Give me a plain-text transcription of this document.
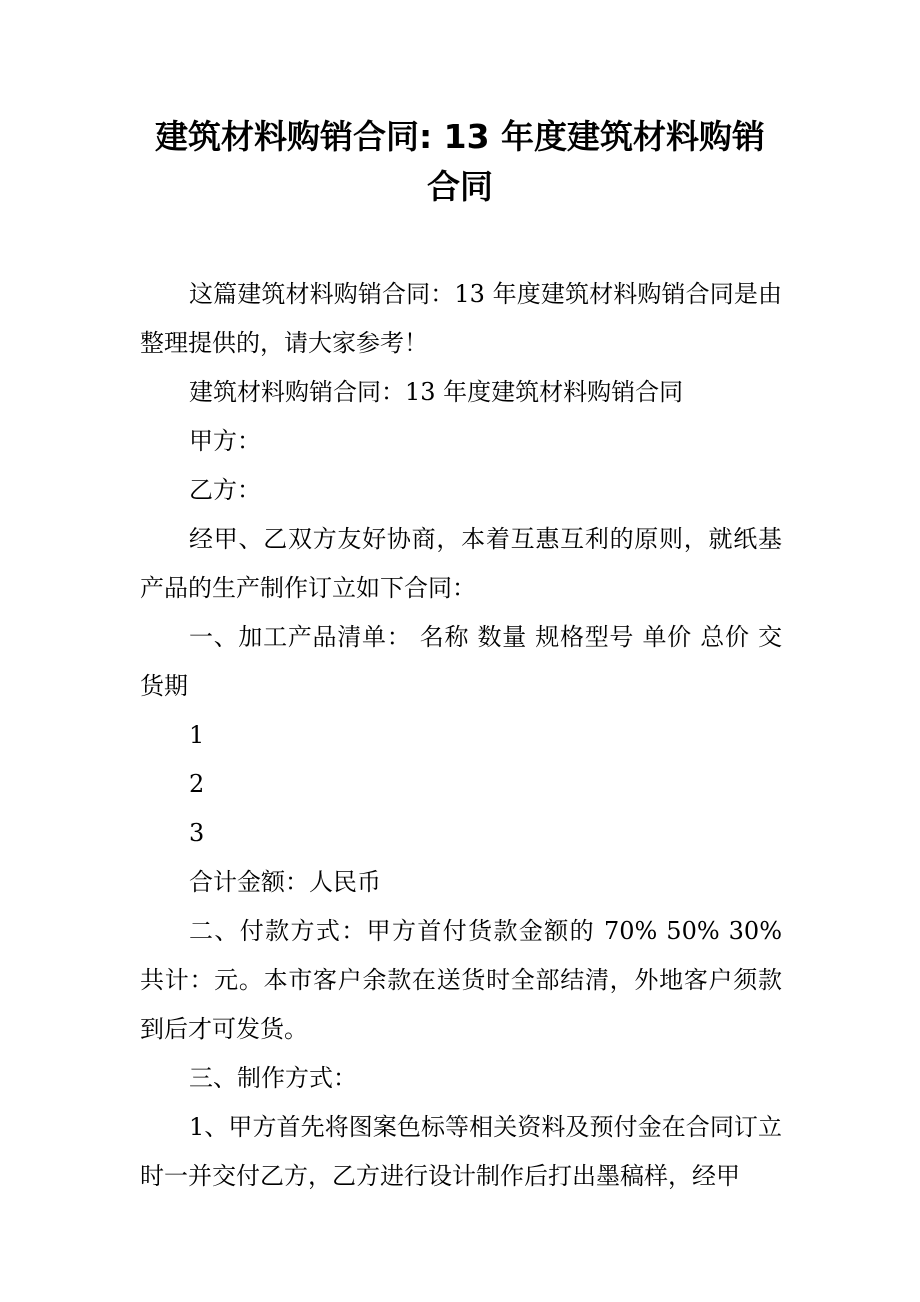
建筑材料购销合同: 13 年度建筑材料购销合同

这篇建筑材料购销合同：13 年度建筑材料购销合同是由整理提供的，请大家参考！

建筑材料购销合同：13 年度建筑材料购销合同

甲方：

乙方：

经甲、乙双方友好协商，本着互惠互利的原则，就纸基产品的生产制作订立如下合同：

一、加工产品清单： 名称 数量 规格型号 单价 总价 交货期

1

2

3

合计金额：人民币

二、付款方式：甲方首付货款金额的 70% 50% 30% 共计：元。本市客户余款在送货时全部结清，外地客户须款到后才可发货。

三、制作方式：

1、甲方首先将图案色标等相关资料及预付金在合同订立时一并交付乙方，乙方进行设计制作后打出墨稿样，经甲
